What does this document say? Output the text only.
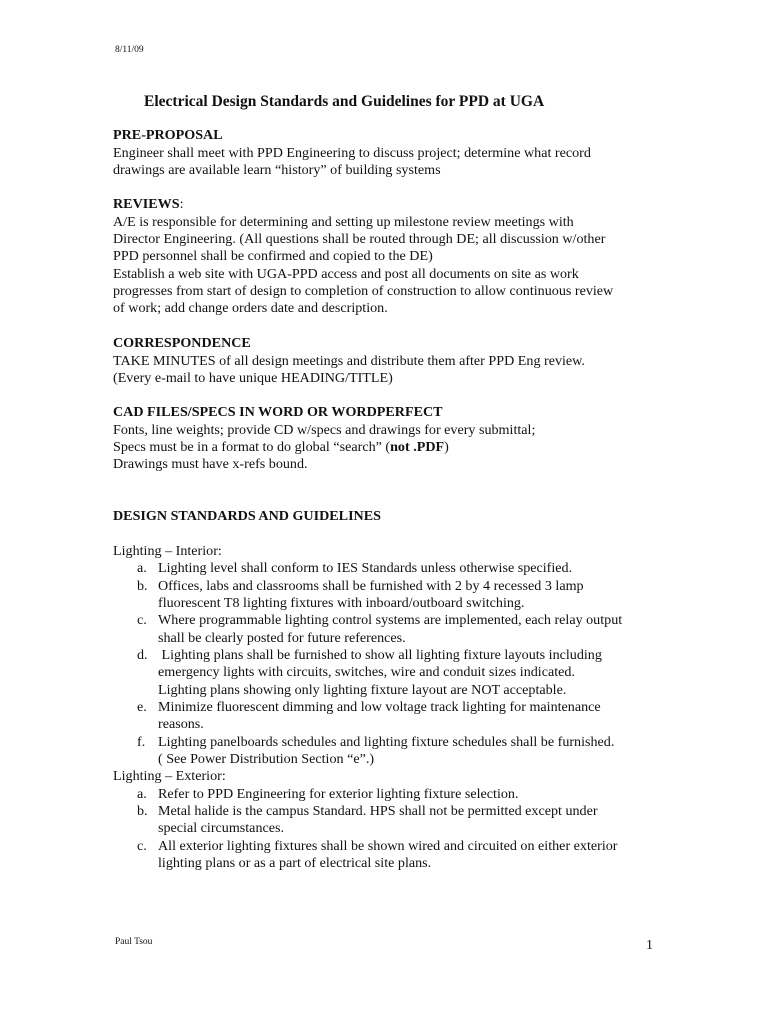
8/11/09
Electrical Design Standards and Guidelines for PPD at UGA
PRE-PROPOSAL
Engineer shall meet with PPD Engineering to discuss project; determine what record
drawings are available learn “history” of building systems
REVIEWS:
A/E is responsible for determining and setting up milestone review meetings with
Director Engineering. (All questions shall be routed through DE; all discussion w/other
PPD personnel shall be confirmed and copied to the DE)
Establish a web site with UGA-PPD access and post all documents on site as work
progresses from start of design to completion of construction to allow continuous review
of work; add change orders date and description.
CORRESPONDENCE
TAKE MINUTES of all design meetings and distribute them after PPD Eng review.
(Every e-mail to have unique HEADING/TITLE)
CAD FILES/SPECS IN WORD OR WORDPERFECT
Fonts, line weights; provide CD w/specs and drawings for every submittal;
Specs must be in a format to do global “search” (not .PDF)
Drawings must have x-refs bound.
DESIGN STANDARDS AND GUIDELINES
Lighting – Interior:
a. Lighting level shall conform to IES Standards unless otherwise specified.
b. Offices, labs and classrooms shall be furnished with 2 by 4 recessed 3 lamp
fluorescent T8 lighting fixtures with inboard/outboard switching.
c. Where programmable lighting control systems are implemented, each relay output
shall be clearly posted for future references.
d. Lighting plans shall be furnished to show all lighting fixture layouts including
emergency lights with circuits, switches, wire and conduit sizes indicated.
Lighting plans showing only lighting fixture layout are NOT acceptable.
e. Minimize fluorescent dimming and low voltage track lighting for maintenance
reasons.
f. Lighting panelboards schedules and lighting fixture schedules shall be furnished.
( See Power Distribution Section “e”.)
Lighting – Exterior:
a. Refer to PPD Engineering for exterior lighting fixture selection.
b. Metal halide is the campus Standard. HPS shall not be permitted except under
special circumstances.
c. All exterior lighting fixtures shall be shown wired and circuited on either exterior
lighting plans or as a part of electrical site plans.
Paul Tsou	1
